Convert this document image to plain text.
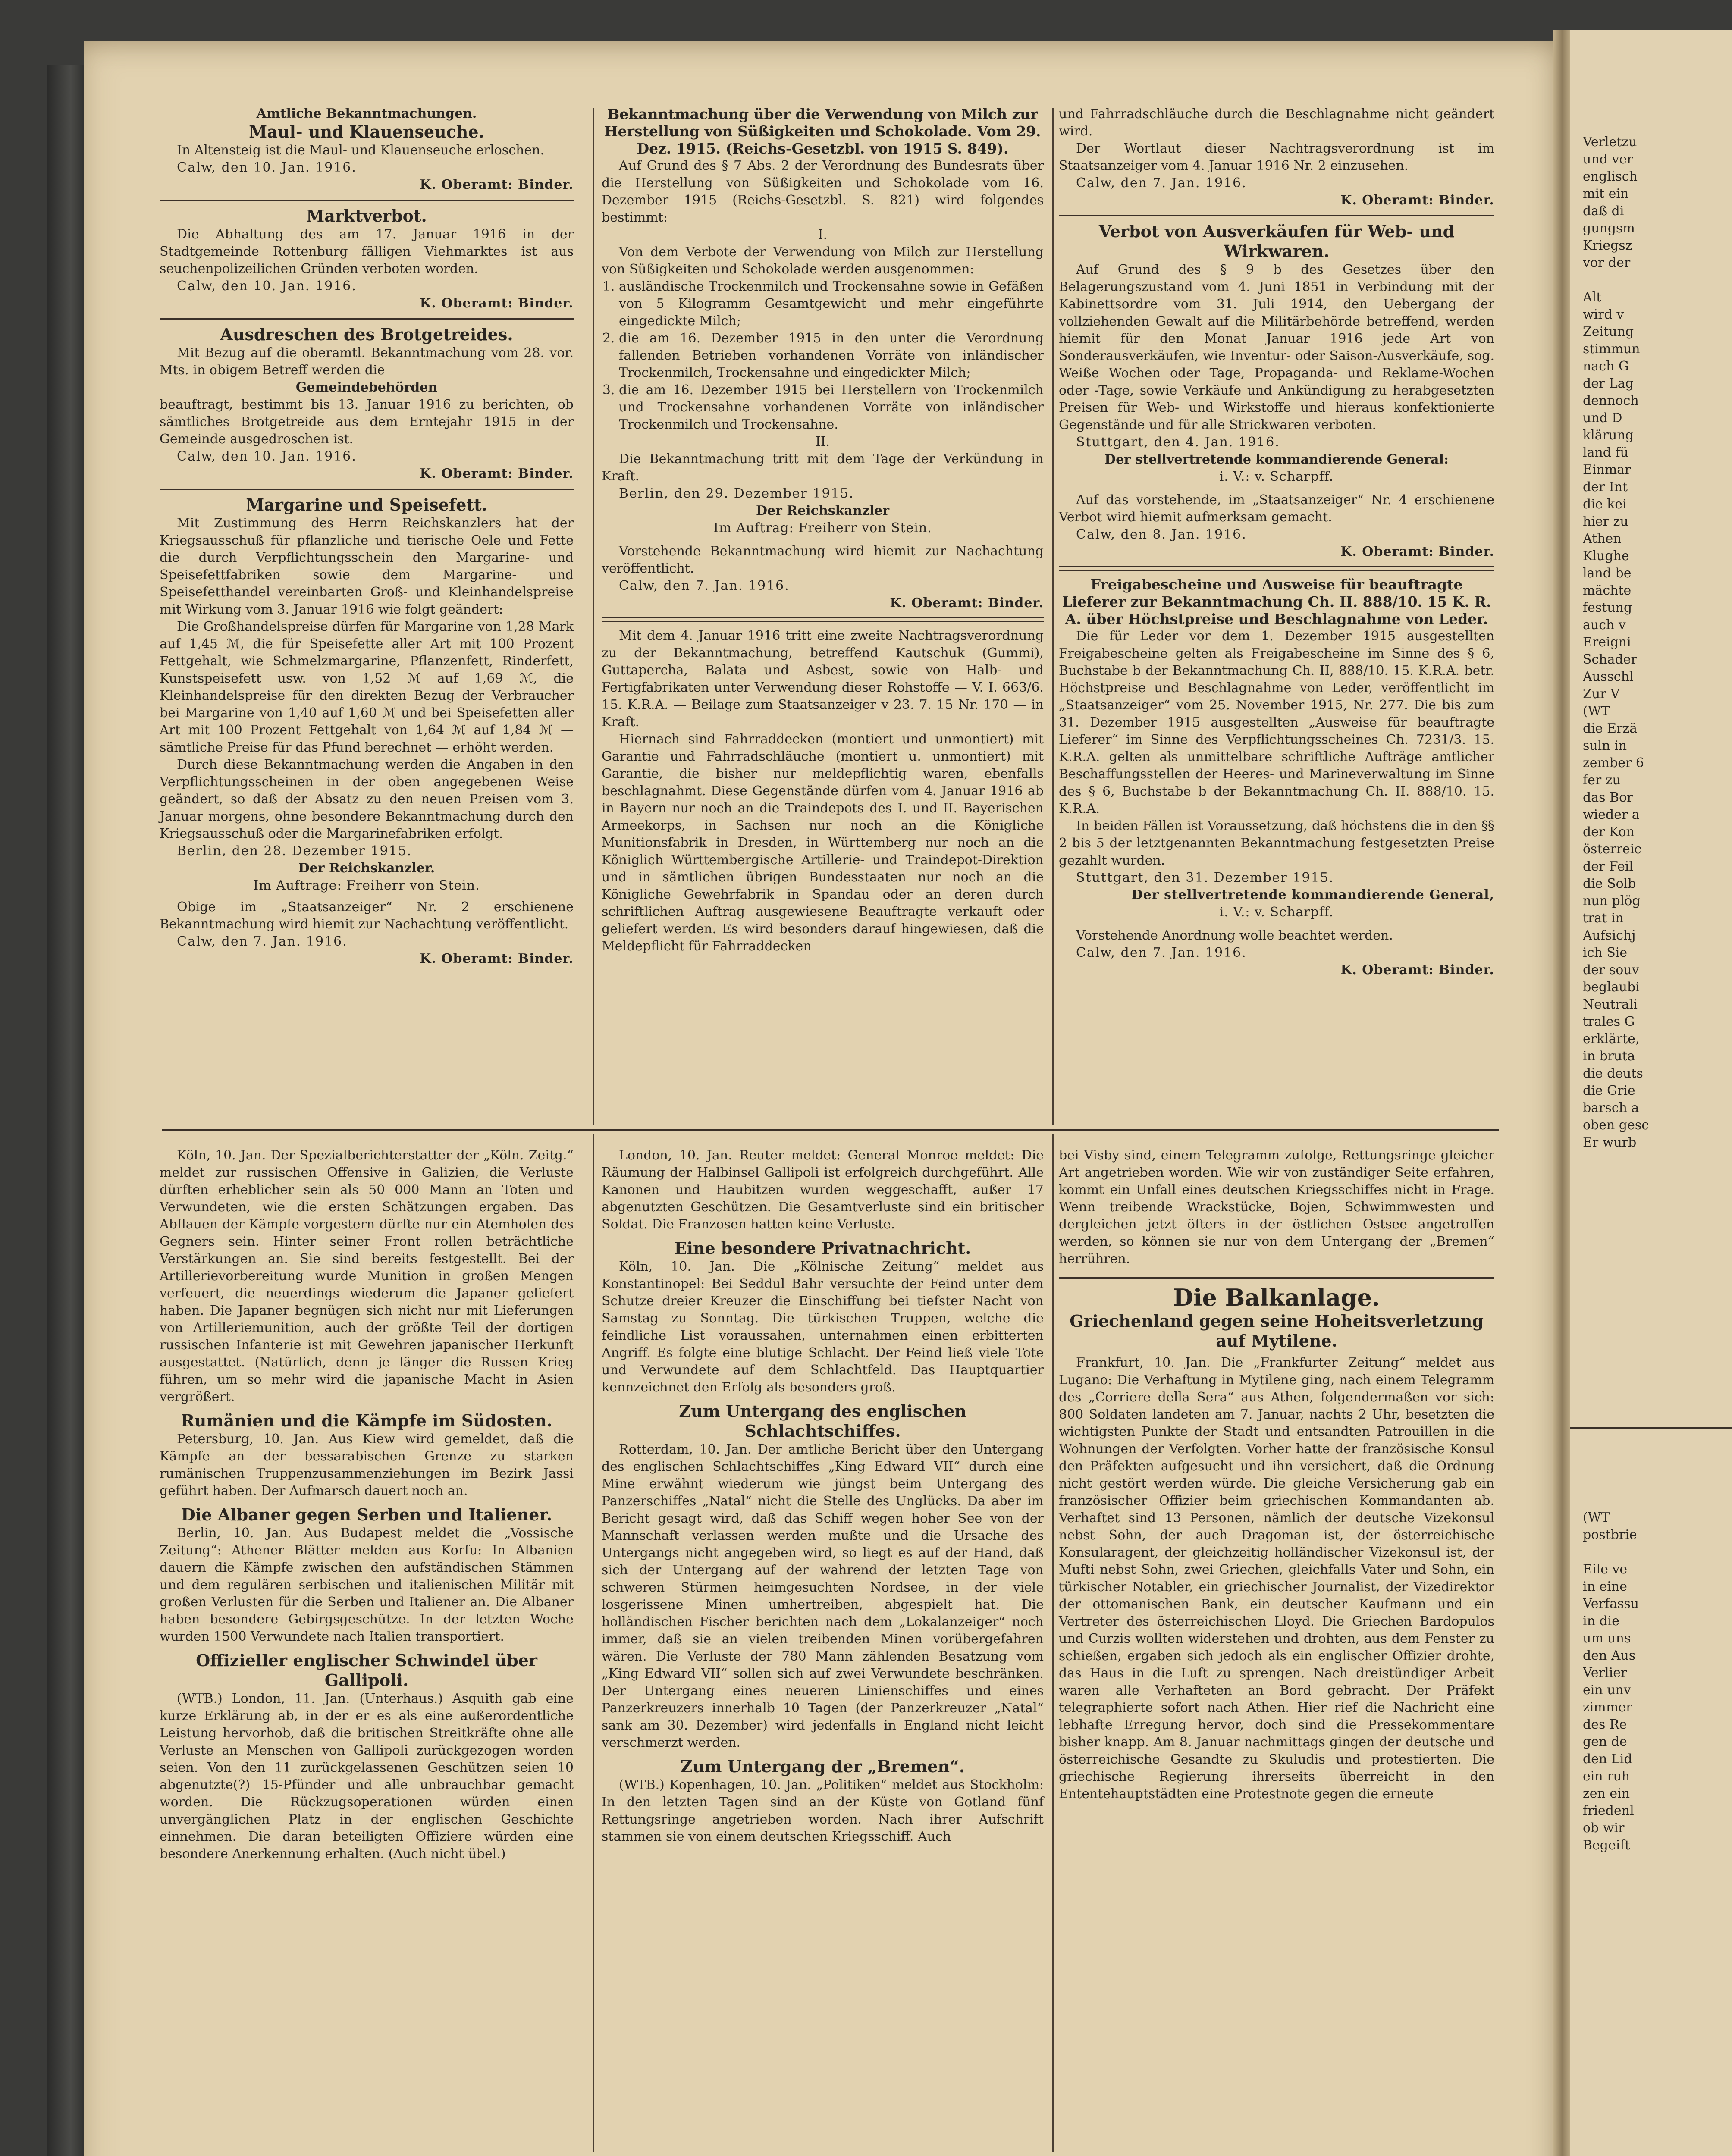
Amtliche Bekanntmachungen.
Maul- und Klauenseuche.

In Altensteig ist die Maul- und Klauenseuche erloschen.

Calw, den 10. Jan. 1916.

K. Oberamt: Binder.
Marktverbot.

Die Abhaltung des am 17. Januar 1916 in der Stadtgemeinde Rottenburg fälligen Viehmarktes ist aus seuchenpolizeilichen Gründen verboten worden.

Calw, den 10. Jan. 1916.

K. Oberamt: Binder.
Ausdreschen des Brotgetreides.

Mit Bezug auf die oberamtl. Bekanntmachung vom 28. vor. Mts. in obigem Betreff werden die

Gemeindebehörden

beauftragt, bestimmt bis 13. Januar 1916 zu berichten, ob sämtliches Brotgetreide aus dem Erntejahr 1915 in der Gemeinde ausgedroschen ist.

Calw, den 10. Jan. 1916.

K. Oberamt: Binder.
Margarine und Speisefett.

Mit Zustimmung des Herrn Reichskanzlers hat der Kriegsausschuß für pflanzliche und tierische Oele und Fette die durch Verpflichtungsschein den Margarine- und Speisefettfabriken sowie dem Margarine- und Speisefetthandel vereinbarten Groß- und Kleinhandelspreise mit Wirkung vom 3. Januar 1916 wie folgt geändert:

Die Großhandelspreise dürfen für Margarine von 1,28 Mark auf 1,45 ℳ, die für Speisefette aller Art mit 100 Prozent Fettgehalt, wie Schmelzmargarine, Pflanzenfett, Rinderfett, Kunstspeisefett usw. von 1,52 ℳ auf 1,69 ℳ, die Kleinhandelspreise für den direkten Bezug der Verbraucher bei Margarine von 1,40 auf 1,60 ℳ und bei Speisefetten aller Art mit 100 Prozent Fettgehalt von 1,64 ℳ auf 1,84 ℳ — sämtliche Preise für das Pfund berechnet — erhöht werden.

Durch diese Bekanntmachung werden die Angaben in den Verpflichtungsscheinen in der oben angegebenen Weise geändert, so daß der Absatz zu den neuen Preisen vom 3. Januar morgens, ohne besondere Bekanntmachung durch den Kriegsausschuß oder die Margarinefabriken erfolgt.

Berlin, den 28. Dezember 1915.

Der Reichskanzler.
Im Auftrage: Freiherr von Stein.

Obige im „Staatsanzeiger“ Nr. 2 erschienene Bekanntmachung wird hiemit zur Nachachtung veröffentlicht.

Calw, den 7. Jan. 1916.

K. Oberamt: Binder.
Bekanntmachung über die Verwendung von Milch zur Herstellung von Süßigkeiten und Schokolade. Vom 29. Dez. 1915. (Reichs-Gesetzbl. von 1915 S. 849).

Auf Grund des § 7 Abs. 2 der Verordnung des Bundesrats über die Herstellung von Süßigkeiten und Schokolade vom 16. Dezember 1915 (Reichs-Gesetzbl. S. 821) wird folgendes bestimmt:

I.

Von dem Verbote der Verwendung von Milch zur Herstellung von Süßigkeiten und Schokolade werden ausgenommen:

1. ausländische Trockenmilch und Trockensahne sowie in Gefäßen von 5 Kilogramm Gesamtgewicht und mehr eingeführte eingedickte Milch;
2. die am 16. Dezember 1915 in den unter die Verordnung fallenden Betrieben vorhandenen Vorräte von inländischer Trockenmilch, Trockensahne und eingedickter Milch;
3. die am 16. Dezember 1915 bei Herstellern von Trockenmilch und Trockensahne vorhandenen Vorräte von inländischer Trockenmilch und Trockensahne.

II.

Die Bekanntmachung tritt mit dem Tage der Verkündung in Kraft.

Berlin, den 29. Dezember 1915.

Der Reichskanzler
Im Auftrag: Freiherr von Stein.

Vorstehende Bekanntmachung wird hiemit zur Nachachtung veröffentlicht.

Calw, den 7. Jan. 1916.

K. Oberamt: Binder.

Mit dem 4. Januar 1916 tritt eine zweite Nachtragsverordnung zu der Bekanntmachung, betreffend Kautschuk (Gummi), Guttapercha, Balata und Asbest, sowie von Halb- und Fertigfabrikaten unter Verwendung dieser Rohstoffe — V. I. 663/6. 15. K.R.A. — Beilage zum Staatsanzeiger v 23. 7. 15 Nr. 170 — in Kraft.

Hiernach sind Fahrraddecken (montiert und unmontiert) mit Garantie und Fahrradschläuche (montiert u. unmontiert) mit Garantie, die bisher nur meldepflichtig waren, ebenfalls beschlagnahmt. Diese Gegenstände dürfen vom 4. Januar 1916 ab in Bayern nur noch an die Traindepots des I. und II. Bayerischen Armeekorps, in Sachsen nur noch an die Königliche Munitionsfabrik in Dresden, in Württemberg nur noch an die Königlich Württembergische Artillerie- und Traindepot-Direktion und in sämtlichen übrigen Bundesstaaten nur noch an die Königliche Gewehrfabrik in Spandau oder an deren durch schriftlichen Auftrag ausgewiesene Beauftragte verkauft oder geliefert werden. Es wird besonders darauf hingewiesen, daß die Meldepflicht für Fahrraddecken

und Fahrradschläuche durch die Beschlagnahme nicht geändert wird.

Der Wortlaut dieser Nachtragsverordnung ist im Staatsanzeiger vom 4. Januar 1916 Nr. 2 einzusehen.

Calw, den 7. Jan. 1916.

K. Oberamt: Binder.
Verbot von Ausverkäufen für Web- und Wirkwaren.

Auf Grund des § 9 b des Gesetzes über den Belagerungszustand vom 4. Juni 1851 in Verbindung mit der Kabinettsordre vom 31. Juli 1914, den Uebergang der vollziehenden Gewalt auf die Militärbehörde betreffend, werden hiemit für den Monat Januar 1916 jede Art von Sonderausverkäufen, wie Inventur- oder Saison-Ausverkäufe, sog. Weiße Wochen oder Tage, Propaganda- und Reklame-Wochen oder -Tage, sowie Verkäufe und Ankündigung zu herabgesetzten Preisen für Web- und Wirkstoffe und hieraus konfektionierte Gegenstände und für alle Strickwaren verboten.

Stuttgart, den 4. Jan. 1916.

Der stellvertretende kommandierende General:
i. V.: v. Scharpff.

Auf das vorstehende, im „Staatsanzeiger“ Nr. 4 erschienene Verbot wird hiemit aufmerksam gemacht.

Calw, den 8. Jan. 1916.

K. Oberamt: Binder.
Freigabescheine und Ausweise für beauftragte Lieferer zur Bekanntmachung Ch. II. 888/10. 15 K. R. A. über Höchstpreise und Beschlagnahme von Leder.

Die für Leder vor dem 1. Dezember 1915 ausgestellten Freigabescheine gelten als Freigabescheine im Sinne des § 6, Buchstabe b der Bekanntmachung Ch. II, 888/10. 15. K.R.A. betr. Höchstpreise und Beschlagnahme von Leder, veröffentlicht im „Staatsanzeiger“ vom 25. November 1915, Nr. 277. Die bis zum 31. Dezember 1915 ausgestellten „Ausweise für beauftragte Lieferer“ im Sinne des Verpflichtungsscheines Ch. 7231/3. 15. K.R.A. gelten als unmittelbare schriftliche Aufträge amtlicher Beschaffungsstellen der Heeres- und Marineverwaltung im Sinne des § 6, Buchstabe b der Bekanntmachung Ch. II. 888/10. 15. K.R.A.

In beiden Fällen ist Voraussetzung, daß höchstens die in den §§ 2 bis 5 der letztgenannten Bekanntmachung festgesetzten Preise gezahlt wurden.

Stuttgart, den 31. Dezember 1915.

Der stellvertretende kommandierende General,
i. V.: v. Scharpff.

Vorstehende Anordnung wolle beachtet werden.

Calw, den 7. Jan. 1916.

K. Oberamt: Binder.

Köln, 10. Jan. Der Spezialberichterstatter der „Köln. Zeitg.“ meldet zur russischen Offensive in Galizien, die Verluste dürften erheblicher sein als 50 000 Mann an Toten und Verwundeten, wie die ersten Schätzungen ergaben. Das Abflauen der Kämpfe vorgestern dürfte nur ein Atemholen des Gegners sein. Hinter seiner Front rollen beträchtliche Verstärkungen an. Sie sind bereits festgestellt. Bei der Artillerievorbereitung wurde Munition in großen Mengen verfeuert, die neuerdings wiederum die Japaner geliefert haben. Die Japaner begnügen sich nicht nur mit Lieferungen von Artilleriemunition, auch der größte Teil der dortigen russischen Infanterie ist mit Gewehren japanischer Herkunft ausgestattet. (Natürlich, denn je länger die Russen Krieg führen, um so mehr wird die japanische Macht in Asien vergrößert.

Rumänien und die Kämpfe im Südosten.

Petersburg, 10. Jan. Aus Kiew wird gemeldet, daß die Kämpfe an der bessarabischen Grenze zu starken rumänischen Truppenzusammenziehungen im Bezirk Jassi geführt haben. Der Aufmarsch dauert noch an.

Die Albaner gegen Serben und Italiener.

Berlin, 10. Jan. Aus Budapest meldet die „Vossische Zeitung“: Athener Blätter melden aus Korfu: In Albanien dauern die Kämpfe zwischen den aufständischen Stämmen und dem regulären serbischen und italienischen Militär mit großen Verlusten für die Serben und Italiener an. Die Albaner haben besondere Gebirgsgeschütze. In der letzten Woche wurden 1500 Verwundete nach Italien transportiert.

Offizieller englischer Schwindel über Gallipoli.

(WTB.) London, 11. Jan. (Unterhaus.) Asquith gab eine kurze Erklärung ab, in der er es als eine außerordentliche Leistung hervorhob, daß die britischen Streitkräfte ohne alle Verluste an Menschen von Gallipoli zurückgezogen worden seien. Von den 11 zurückgelassenen Geschützen seien 10 abgenutzte(?) 15-Pfünder und alle unbrauchbar gemacht worden. Die Rückzugsoperationen würden einen unvergänglichen Platz in der englischen Geschichte einnehmen. Die daran beteiligten Offiziere würden eine besondere Anerkennung erhalten. (Auch nicht übel.)

London, 10. Jan. Reuter meldet: General Monroe meldet: Die Räumung der Halbinsel Gallipoli ist erfolgreich durchgeführt. Alle Kanonen und Haubitzen wurden weggeschafft, außer 17 abgenutzten Geschützen. Die Gesamtverluste sind ein britischer Soldat. Die Franzosen hatten keine Verluste.

Eine besondere Privatnachricht.

Köln, 10. Jan. Die „Kölnische Zeitung“ meldet aus Konstantinopel: Bei Seddul Bahr versuchte der Feind unter dem Schutze dreier Kreuzer die Einschiffung bei tiefster Nacht von Samstag zu Sonntag. Die türkischen Truppen, welche die feindliche List voraussahen, unternahmen einen erbitterten Angriff. Es folgte eine blutige Schlacht. Der Feind ließ viele Tote und Verwundete auf dem Schlachtfeld. Das Hauptquartier kennzeichnet den Erfolg als besonders groß.

Zum Untergang des englischen Schlachtschiffes.

Rotterdam, 10. Jan. Der amtliche Bericht über den Untergang des englischen Schlachtschiffes „King Edward VII“ durch eine Mine erwähnt wiederum wie jüngst beim Untergang des Panzerschiffes „Natal“ nicht die Stelle des Unglücks. Da aber im Bericht gesagt wird, daß das Schiff wegen hoher See von der Mannschaft verlassen werden mußte und die Ursache des Untergangs nicht angegeben wird, so liegt es auf der Hand, daß sich der Untergang auf der wahrend der letzten Tage von schweren Stürmen heimgesuchten Nordsee, in der viele losgerissene Minen umhertreiben, abgespielt hat. Die holländischen Fischer berichten nach dem „Lokalanzeiger“ noch immer, daß sie an vielen treibenden Minen vorübergefahren wären. Die Verluste der 780 Mann zählenden Besatzung vom „King Edward VII“ sollen sich auf zwei Verwundete beschränken. Der Untergang eines neueren Linienschiffes und eines Panzerkreuzers innerhalb 10 Tagen (der Panzerkreuzer „Natal“ sank am 30. Dezember) wird jedenfalls in England nicht leicht verschmerzt werden.

Zum Untergang der „Bremen“.

(WTB.) Kopenhagen, 10. Jan. „Politiken“ meldet aus Stockholm: In den letzten Tagen sind an der Küste von Gotland fünf Rettungsringe angetrieben worden. Nach ihrer Aufschrift stammen sie von einem deutschen Kriegsschiff. Auch

bei Visby sind, einem Telegramm zufolge, Rettungsringe gleicher Art angetrieben worden. Wie wir von zuständiger Seite erfahren, kommt ein Unfall eines deutschen Kriegsschiffes nicht in Frage. Wenn treibende Wrackstücke, Bojen, Schwimmwesten und dergleichen jetzt öfters in der östlichen Ostsee angetroffen werden, so können sie nur von dem Untergang der „Bremen“ herrühren.

Die Balkanlage.
Griechenland gegen seine Hoheitsverletzung auf Mytilene.

Frankfurt, 10. Jan. Die „Frankfurter Zeitung“ meldet aus Lugano: Die Verhaftung in Mytilene ging, nach einem Telegramm des „Corriere della Sera“ aus Athen, folgendermaßen vor sich: 800 Soldaten landeten am 7. Januar, nachts 2 Uhr, besetzten die wichtigsten Punkte der Stadt und entsandten Patrouillen in die Wohnungen der Verfolgten. Vorher hatte der französische Konsul den Präfekten aufgesucht und ihn versichert, daß die Ordnung nicht gestört werden würde. Die gleiche Versicherung gab ein französischer Offizier beim griechischen Kommandanten ab. Verhaftet sind 13 Personen, nämlich der deutsche Vizekonsul nebst Sohn, der auch Dragoman ist, der österreichische Konsularagent, der gleichzeitig holländischer Vizekonsul ist, der Mufti nebst Sohn, zwei Griechen, gleichfalls Vater und Sohn, ein türkischer Notabler, ein griechischer Journalist, der Vizedirektor der ottomanischen Bank, ein deutscher Kaufmann und ein Vertreter des österreichischen Lloyd. Die Griechen Bardopulos und Curzis wollten widerstehen und drohten, aus dem Fenster zu schießen, ergaben sich jedoch als ein englischer Offizier drohte, das Haus in die Luft zu sprengen. Nach dreistündiger Arbeit waren alle Verhafteten an Bord gebracht. Der Präfekt telegraphierte sofort nach Athen. Hier rief die Nachricht eine lebhafte Erregung hervor, doch sind die Pressekommentare bisher knapp. Am 8. Januar nachmittags gingen der deutsche und österreichische Gesandte zu Skuludis und protestierten. Die griechische Regierung ihrerseits überreicht in den Ententehauptstädten eine Protestnote gegen die erneute

Verletzu
und ver
englisch
mit ein
daß di
gungsm
Kriegsz
vor der

Alt
wird v
Zeitung
stimmun
nach G
der Lag
dennoch
und D
klärung
land fü
Einmar
der Int
die kei
hier zu
Athen
Klughe
land be
mächte
festung
auch v
Ereigni
Schader
Ausschl
Zur V
(WT
die Erzä
suln in
zember 6
fer zu
das Bor
wieder a
der Kon
österreic
der Feil
die Solb
nun plög
trat in
Aufsichj
ich Sie
der souv
beglaubi
Neutrali
trales G
erklärte,
in bruta
die deuts
die Grie
barsch a
oben gesc
Er wurb
(WT
postbrie

Eile ve
in eine
Verfassu
in die
um uns
den Aus
Verlier
ein unv
zimmer
des Re
gen de
den Lid
ein ruh
zen ein
friedenl
ob wir
Begeift
